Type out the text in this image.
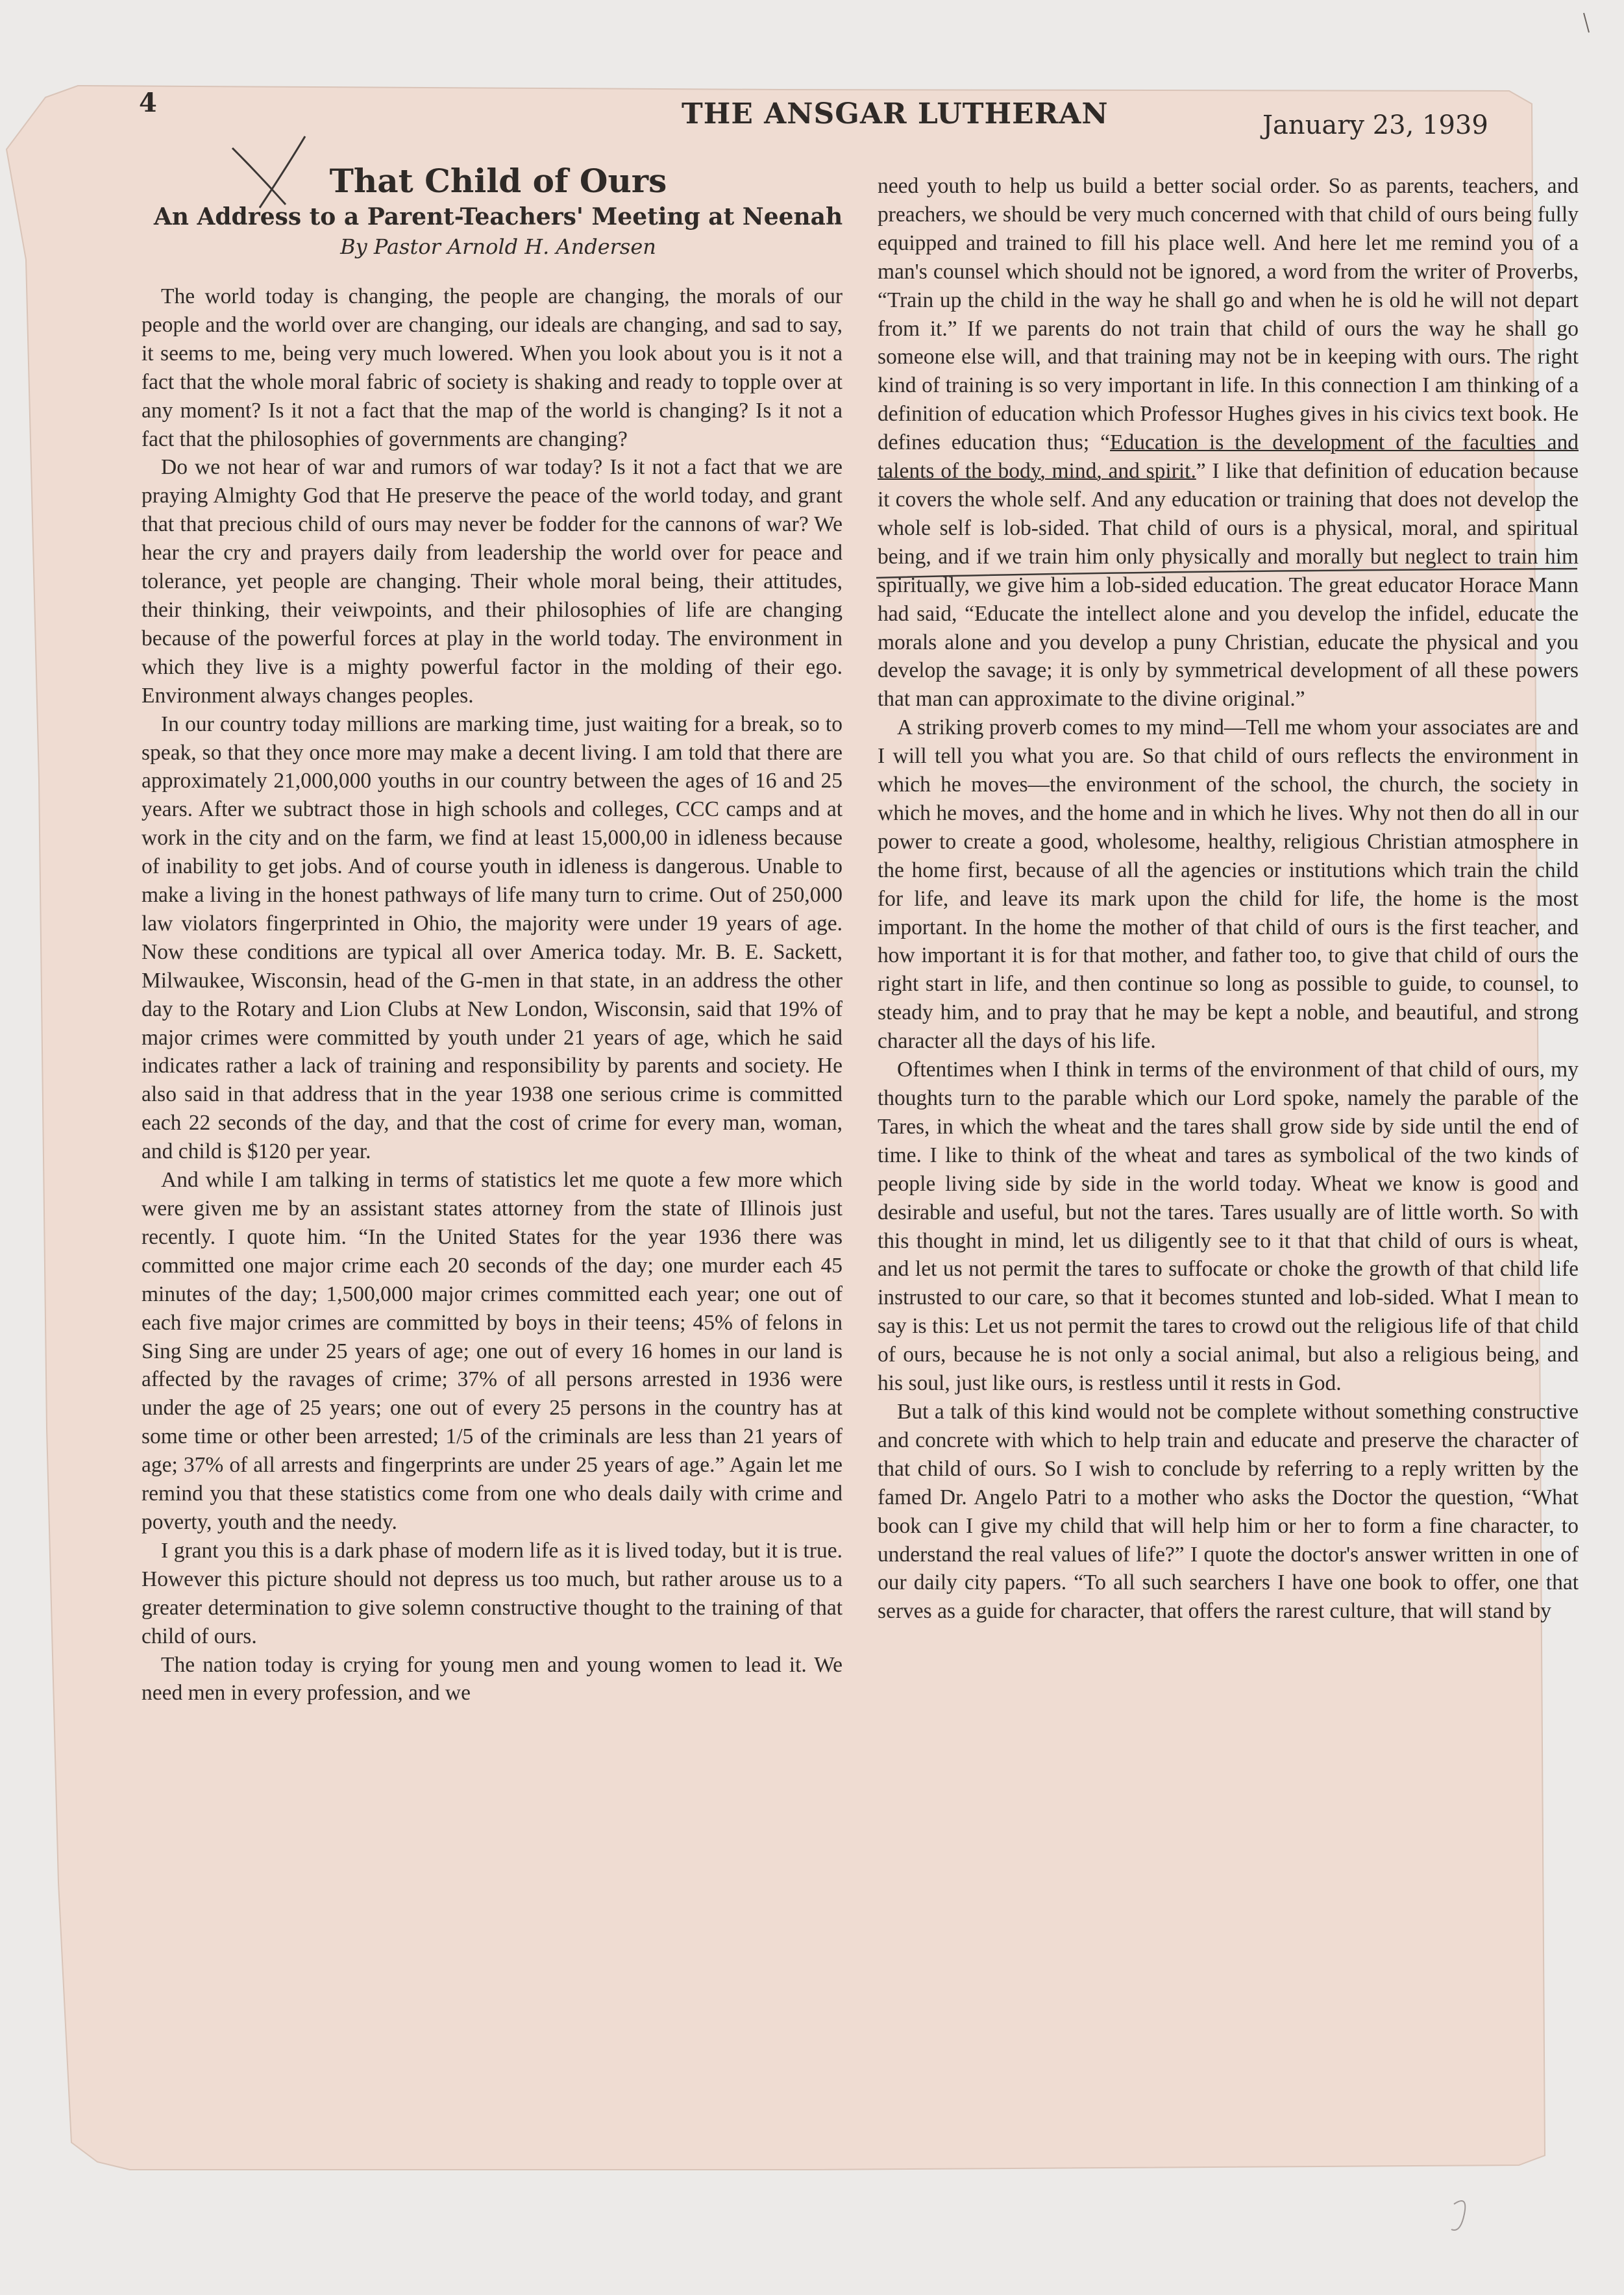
4	THE ANSGAR LUTHERAN	January 23, 1939
That Child of Ours
An Address to a Parent-Teachers' Meeting at Neenah
By Pastor Arnold H. Andersen

The world today is changing, the people are changing, the morals of our people and the world over are changing, our ideals are changing, and sad to say, it seems to me, being very much lowered. When you look about you is it not a fact that the whole moral fabric of society is shaking and ready to topple over at any moment? Is it not a fact that the map of the world is changing? Is it not a fact that the philosophies of governments are changing?

Do we not hear of war and rumors of war today? Is it not a fact that we are praying Almighty God that He preserve the peace of the world today, and grant that that precious child of ours may never be fodder for the cannons of war? We hear the cry and prayers daily from leadership the world over for peace and tolerance, yet people are changing. Their whole moral being, their attitudes, their thinking, their veiwpoints, and their philosophies of life are changing because of the powerful forces at play in the world today. The environment in which they live is a mighty powerful factor in the molding of their ego. Environment always changes peoples.

In our country today millions are marking time, just waiting for a break, so to speak, so that they once more may make a decent living. I am told that there are approximately 21,000,000 youths in our country between the ages of 16 and 25 years. After we subtract those in high schools and colleges, CCC camps and at work in the city and on the farm, we find at least 15,000,00 in idleness because of inability to get jobs. And of course youth in idleness is dangerous. Unable to make a living in the honest pathways of life many turn to crime. Out of 250,000 law violators fingerprinted in Ohio, the majority were under 19 years of age. Now these conditions are typical all over America today. Mr. B. E. Sackett, Milwaukee, Wisconsin, head of the G-men in that state, in an address the other day to the Rotary and Lion Clubs at New London, Wisconsin, said that 19% of major crimes were committed by youth under 21 years of age, which he said indicates rather a lack of training and responsibility by parents and society. He also said in that address that in the year 1938 one serious crime is committed each 22 seconds of the day, and that the cost of crime for every man, woman, and child is $120 per year.

And while I am talking in terms of statistics let me quote a few more which were given me by an assistant states attorney from the state of Illinois just recently. I quote him. “In the United States for the year 1936 there was committed one major crime each 20 seconds of the day; one murder each 45 minutes of the day; 1,500,000 major crimes committed each year; one out of each five major crimes are committed by boys in their teens; 45% of felons in Sing Sing are under 25 years of age; one out of every 16 homes in our land is affected by the ravages of crime; 37% of all persons arrested in 1936 were under the age of 25 years; one out of every 25 persons in the country has at some time or other been arrested; 1/5 of the criminals are less than 21 years of age; 37% of all arrests and fingerprints are under 25 years of age.” Again let me remind you that these statistics come from one who deals daily with crime and poverty, youth and the needy.

I grant you this is a dark phase of modern life as it is lived today, but it is true. However this picture should not depress us too much, but rather arouse us to a greater determination to give solemn constructive thought to the training of that child of ours.

The nation today is crying for young men and young women to lead it. We need men in every profession, and we

need youth to help us build a better social order. So as parents, teachers, and preachers, we should be very much concerned with that child of ours being fully equipped and trained to fill his place well. And here let me remind you of a man's counsel which should not be ignored, a word from the writer of Proverbs, “Train up the child in the way he shall go and when he is old he will not depart from it.” If we parents do not train that child of ours the way he shall go someone else will, and that training may not be in keeping with ours. The right kind of training is so very important in life. In this connection I am thinking of a definition of education which Professor Hughes gives in his civics text book. He defines education thus; “Education is the development of the faculties and talents of the body, mind, and spirit.” I like that definition of education because it covers the whole self. And any education or training that does not develop the whole self is lob-sided. That child of ours is a physical, moral, and spiritual being, and if we train him only physically and morally but neglect to train him spiritually, we give him a lob-sided education. The great educator Horace Mann had said, “Educate the intellect alone and you develop the infidel, educate the morals alone and you develop a puny Christian, educate the physical and you develop the savage; it is only by symmetrical development of all these powers that man can approximate to the divine original.”

A striking proverb comes to my mind—Tell me whom your associates are and I will tell you what you are. So that child of ours reflects the environment in which he moves—the environment of the school, the church, the society in which he moves, and the home and in which he lives. Why not then do all in our power to create a good, wholesome, healthy, religious Christian atmosphere in the home first, because of all the agencies or institutions which train the child for life, and leave its mark upon the child for life, the home is the most important. In the home the mother of that child of ours is the first teacher, and how important it is for that mother, and father too, to give that child of ours the right start in life, and then continue so long as possible to guide, to counsel, to steady him, and to pray that he may be kept a noble, and beautiful, and strong character all the days of his life.

Oftentimes when I think in terms of the environment of that child of ours, my thoughts turn to the parable which our Lord spoke, namely the parable of the Tares, in which the wheat and the tares shall grow side by side until the end of time. I like to think of the wheat and tares as symbolical of the two kinds of people living side by side in the world today. Wheat we know is good and desirable and useful, but not the tares. Tares usually are of little worth. So with this thought in mind, let us diligently see to it that that child of ours is wheat, and let us not permit the tares to suffocate or choke the growth of that child life instrusted to our care, so that it becomes stunted and lob-sided. What I mean to say is this: Let us not permit the tares to crowd out the religious life of that child of ours, because he is not only a social animal, but also a religious being, and his soul, just like ours, is restless until it rests in God.

But a talk of this kind would not be complete without something constructive and concrete with which to help train and educate and preserve the character of that child of ours. So I wish to conclude by referring to a reply written by the famed Dr. Angelo Patri to a mother who asks the Doctor the question, “What book can I give my child that will help him or her to form a fine character, to understand the real values of life?” I quote the doctor's answer written in one of our daily city papers. “To all such searchers I have one book to offer, one that serves as a guide for character, that offers the rarest culture, that will stand by
